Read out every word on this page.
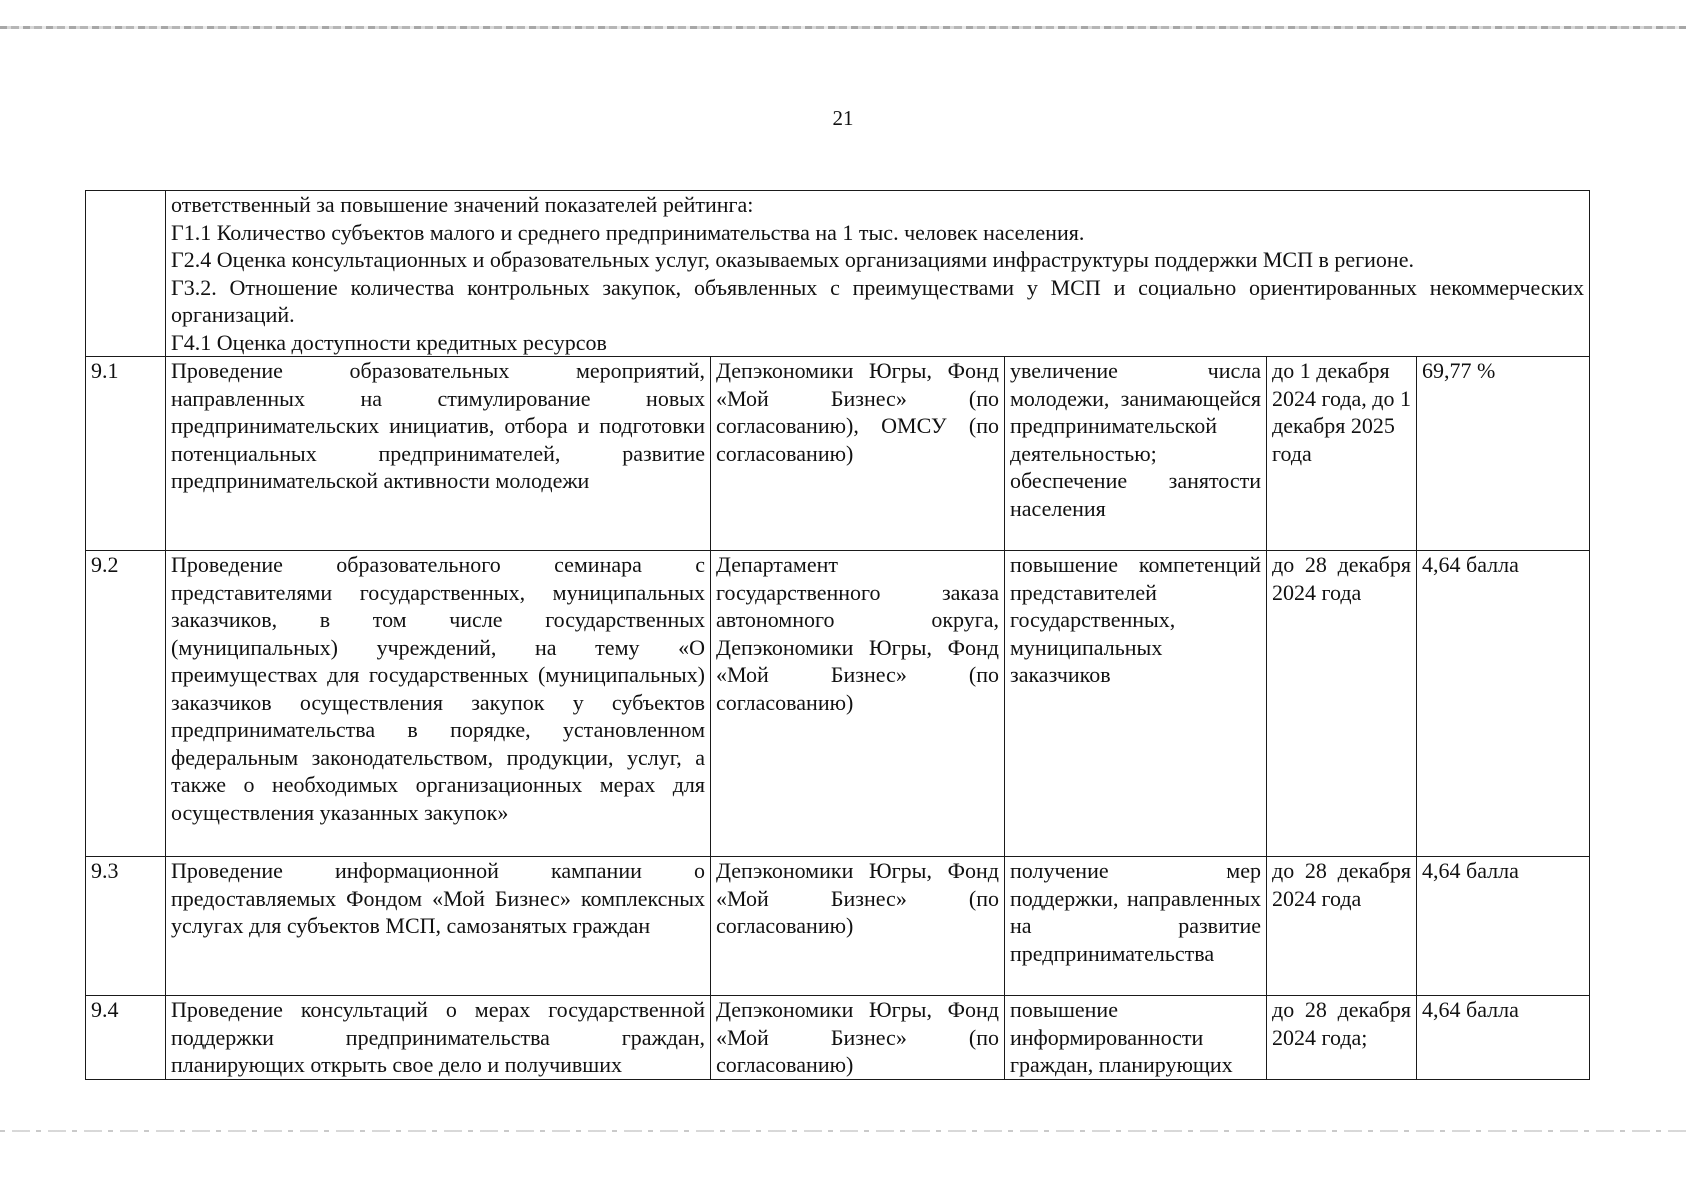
21

	ответственный за повышение значений показателей рейтинга:
Г1.1 Количество субъектов малого и среднего предпринимательства на 1 тыс. человек населения.
Г2.4 Оценка консультационных и образовательных услуг, оказываемых организациями инфраструктуры поддержки МСП в регионе.
Г3.2. Отношение количества контрольных закупок, объявленных с преимуществами у МСП и социально ориентированных некоммерческих организаций.
Г4.1 Оценка доступности кредитных ресурсов				

9.1	Проведение образовательных мероприятий, направленных на стимулирование новых предпринимательских инициатив, отбора и подготовки потенциальных предпринимателей, развитие предпринимательской активности молодежи	Депэкономики Югры, Фонд «Мой Бизнес» (по согласованию), ОМСУ (по согласованию)	увеличение числа молодежи, занимающейся предпринимательской деятельностью; обеспечение занятости населения	до 1 декабря 2024 года, до 1 декабря 2025 года	69,77 %
9.2	Проведение образовательного семинара с представителями государственных, муниципальных заказчиков, в том числе государственных (муниципальных) учреждений, на тему «О преимуществах для государственных (муниципальных) заказчиков осуществления закупок у субъектов предпринимательства в порядке, установленном федеральным законодательством, продукции, услуг, а также о необходимых организационных мерах для осуществления указанных закупок»	Департамент государственного заказа автономного округа, Депэкономики Югры, Фонд «Мой Бизнес» (по согласованию)	повышение компетенций представителей государственных, муниципальных заказчиков	до 28 декабря 2024 года	4,64 балла
9.3	Проведение информационной кампании о предоставляемых Фондом «Мой Бизнес» комплексных услугах для субъектов МСП, самозанятых граждан	Депэкономики Югры, Фонд «Мой Бизнес» (по согласованию)	получение мер поддержки, направленных на развитие предпринимательства	до 28 декабря 2024 года	4,64 балла
9.4	Проведение консультаций о мерах государственной поддержки предпринимательства граждан, планирующих открыть свое дело и получивших	Депэкономики Югры, Фонд «Мой Бизнес» (по согласованию)	повышение информированности граждан, планирующих	до 28 декабря 2024 года;	4,64 балла
